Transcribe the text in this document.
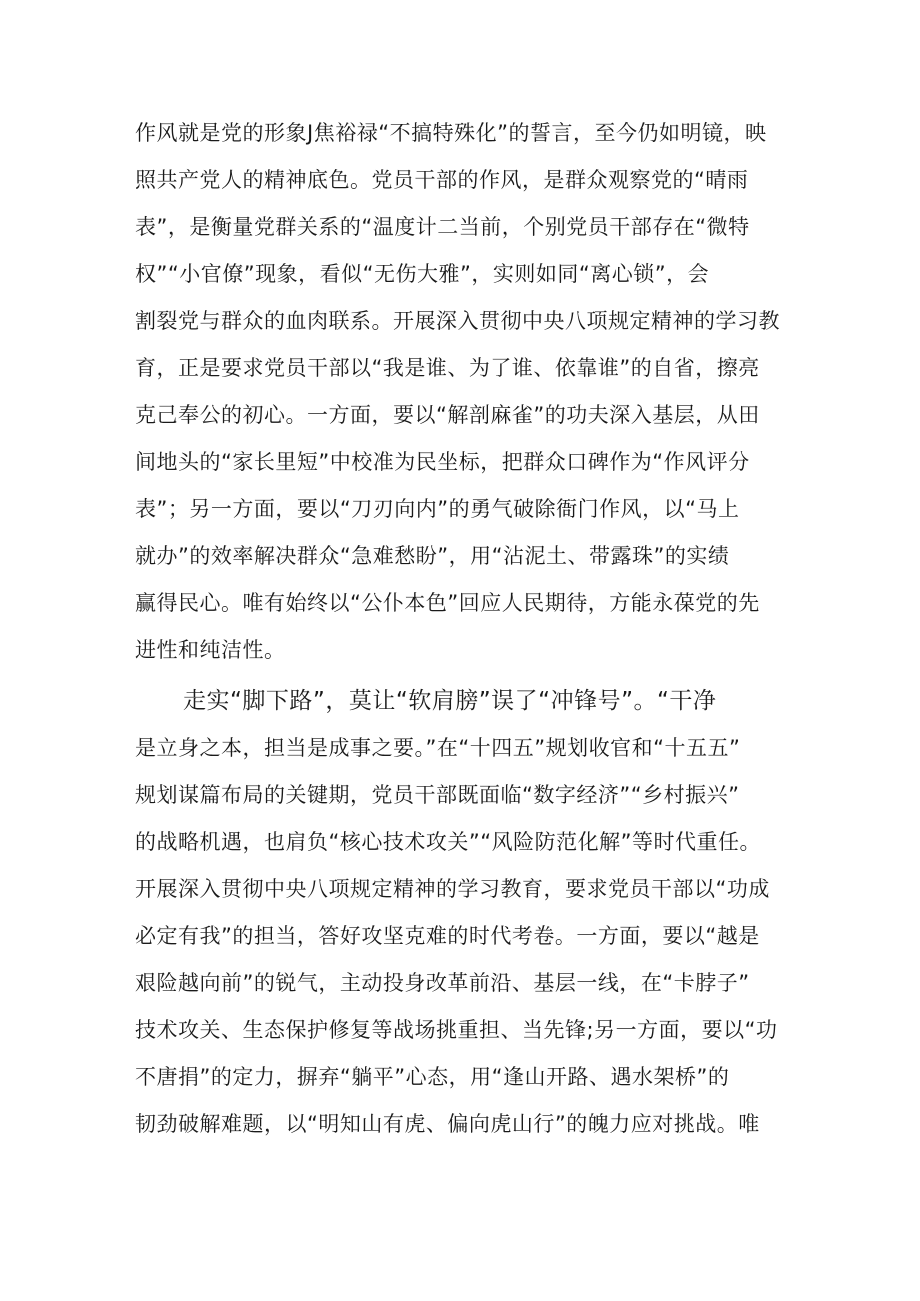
作风就是党的形象J焦裕禄“不搞特殊化”的誓言，至今仍如明镜，映
照共产党人的精神底色。党员干部的作风，是群众观察党的“晴雨
表”，是衡量党群关系的“温度计二当前，个别党员干部存在“微特
权”“小官僚”现象，看似“无伤大雅”，实则如同“离心锁”，会
割裂党与群众的血肉联系。开展深入贯彻中央八项规定精神的学习教
育，正是要求党员干部以“我是谁、为了谁、依靠谁”的自省，擦亮
克己奉公的初心。一方面，要以“解剖麻雀”的功夫深入基层，从田
间地头的“家长里短”中校准为民坐标，把群众口碑作为“作风评分
表”；另一方面，要以“刀刃向内”的勇气破除衙门作风，以“马上
就办”的效率解决群众“急难愁盼”，用“沾泥土、带露珠”的实绩
赢得民心。唯有始终以“公仆本色”回应人民期待，方能永葆党的先
进性和纯洁性。
走实“脚下路”，莫让“软肩膀”误了“冲锋号”。“干净
是立身之本，担当是成事之要。”在“十四五”规划收官和“十五五”
规划谋篇布局的关键期，党员干部既面临“数字经济”“乡村振兴”
的战略机遇，也肩负“核心技术攻关”“风险防范化解”等时代重任。
开展深入贯彻中央八项规定精神的学习教育，要求党员干部以“功成
必定有我”的担当，答好攻坚克难的时代考卷。一方面，要以“越是
艰险越向前”的锐气，主动投身改革前沿、基层一线，在“卡脖子”
技术攻关、生态保护修复等战场挑重担、当先锋;另一方面，要以“功
不唐捐”的定力，摒弃“躺平”心态，用“逢山开路、遇水架桥”的
韧劲破解难题，以“明知山有虎、偏向虎山行”的魄力应对挑战。唯
